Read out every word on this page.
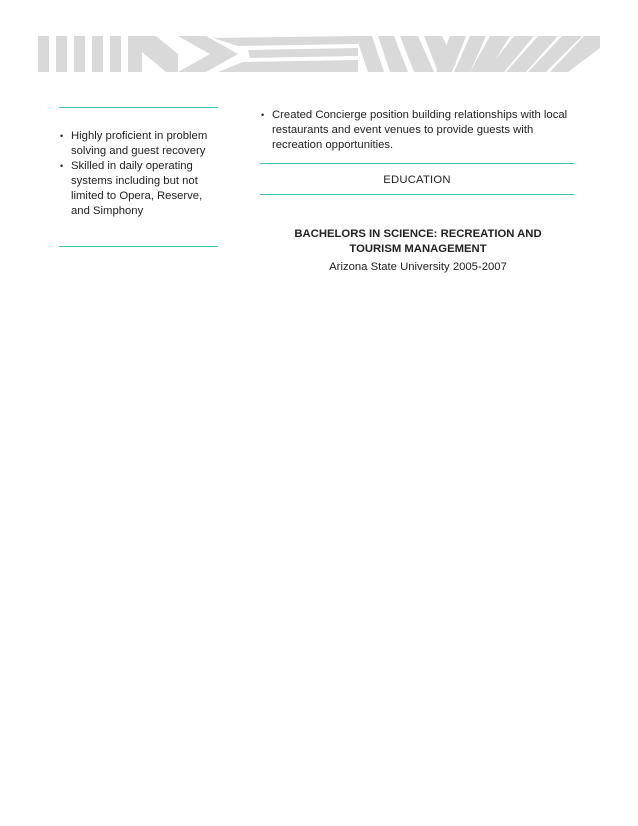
• Highly proficient in problem solving and guest recovery
• Skilled in daily operating systems including but not limited to Opera, Reserve, and Simphony
• Created Concierge position building relationships with local restaurants and event venues to provide guests with recreation opportunities.
EDUCATION
BACHELORS IN SCIENCE: RECREATION AND TOURISM MANAGEMENT
Arizona State University 2005-2007
